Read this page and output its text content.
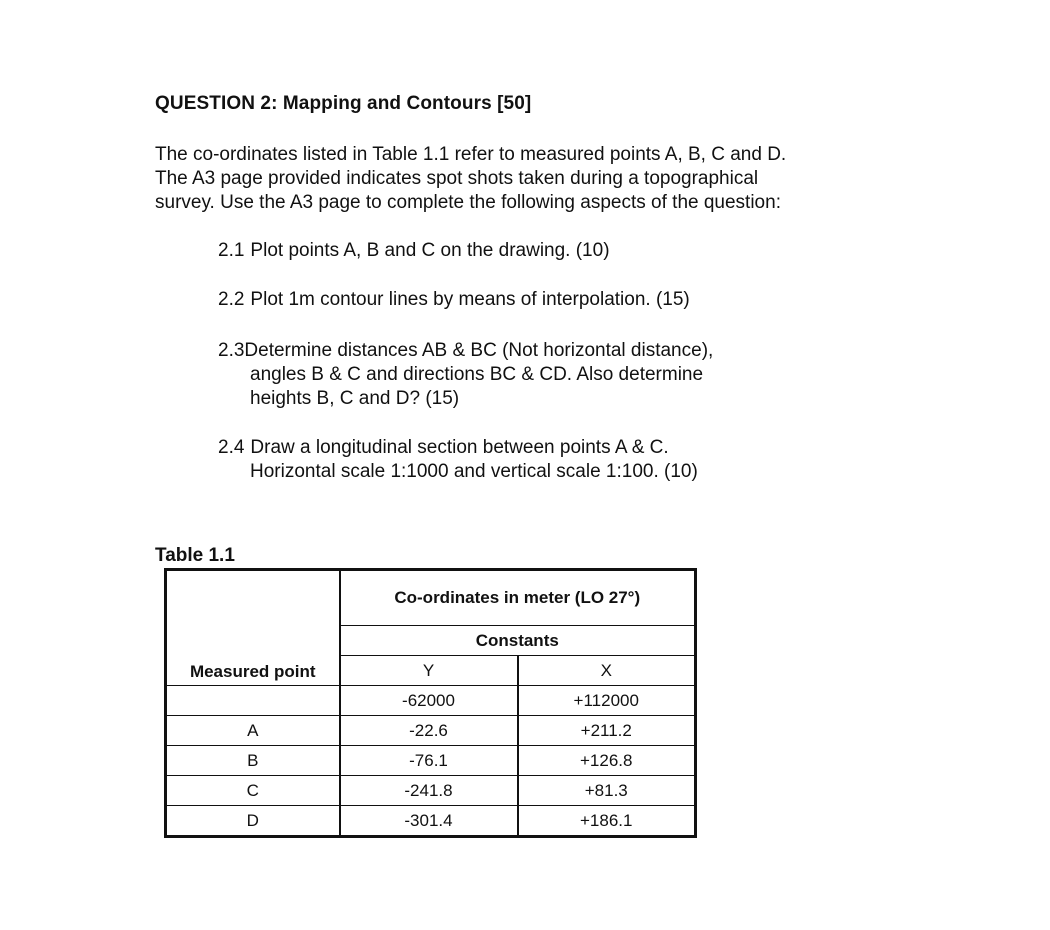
QUESTION 2: Mapping and Contours [50]
The co-ordinates listed in Table 1.1 refer to measured points A, B, C and D.
The A3 page provided indicates spot shots taken during a topographical
survey. Use the A3 page to complete the following aspects of the question:
2.1 Plot points A, B and C on the drawing. (10)
2.2 Plot 1m contour lines by means of interpolation. (15)
2.3Determine distances AB & BC (Not horizontal distance),
angles B & C and directions BC & CD. Also determine
heights B, C and D? (15)
2.4 Draw a longitudinal section between points A & C.
Horizontal scale 1:1000 and vertical scale 1:100. (10)
Table 1.1
Measured point	Co-ordinates in meter (LO 27°)	
	Constants	
	Y	X
	-62000	+112000
A	-22.6	+211.2
B	-76.1	+126.8
C	-241.8	+81.3
D	-301.4	+186.1
